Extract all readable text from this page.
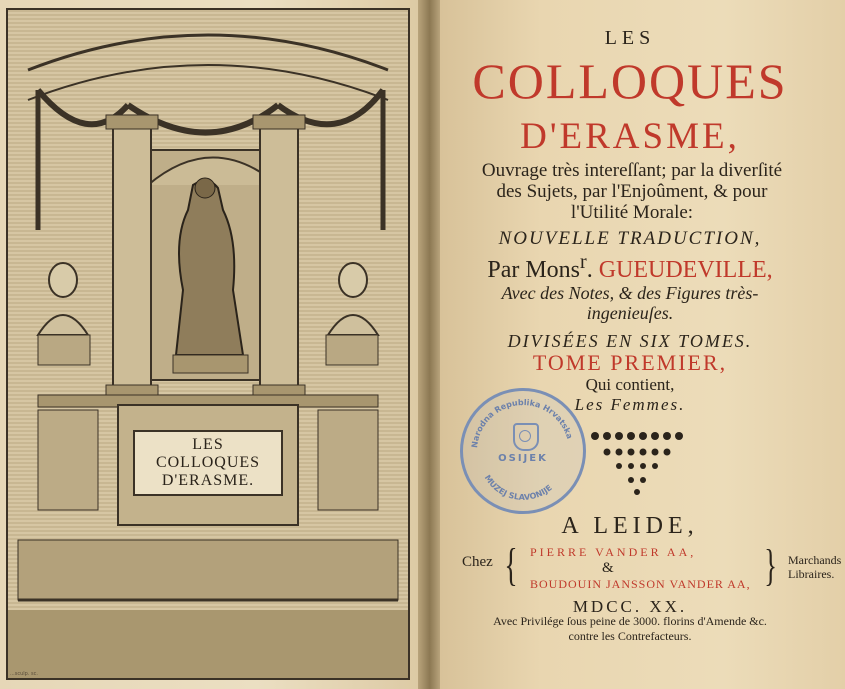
LES
COLLOQUES
D'ERASME.
...sculp. sc.
LES
COLLOQUES
D'ERASME,
Ouvrage très intereſſant; par la diverſité
des Sujets, par l'Enjoûment, & pour
l'Utilité Morale:
NOUVELLE TRADUCTION,
Par Mons$^r$. GUEUDEVILLE,
Avec des Notes, & des Figures très-
ingenieuſes.
DIVISÉES EN SIX TOMES.
TOME PREMIER,
Qui contient,
Les Femmes.
Narodna Republika Hrvatska
MUZEJ SLAVONIJE
OSIJEK
A LEIDE,
Chez { PIERRE VANDER AA,
&
BOUDOUIN JANSSON VANDER AA, } Marchands
Libraires.
MDCC. XX.
Avec Privilége ſous peine de 3000. florins d'Amende &c.
contre les Contrefacteurs.
